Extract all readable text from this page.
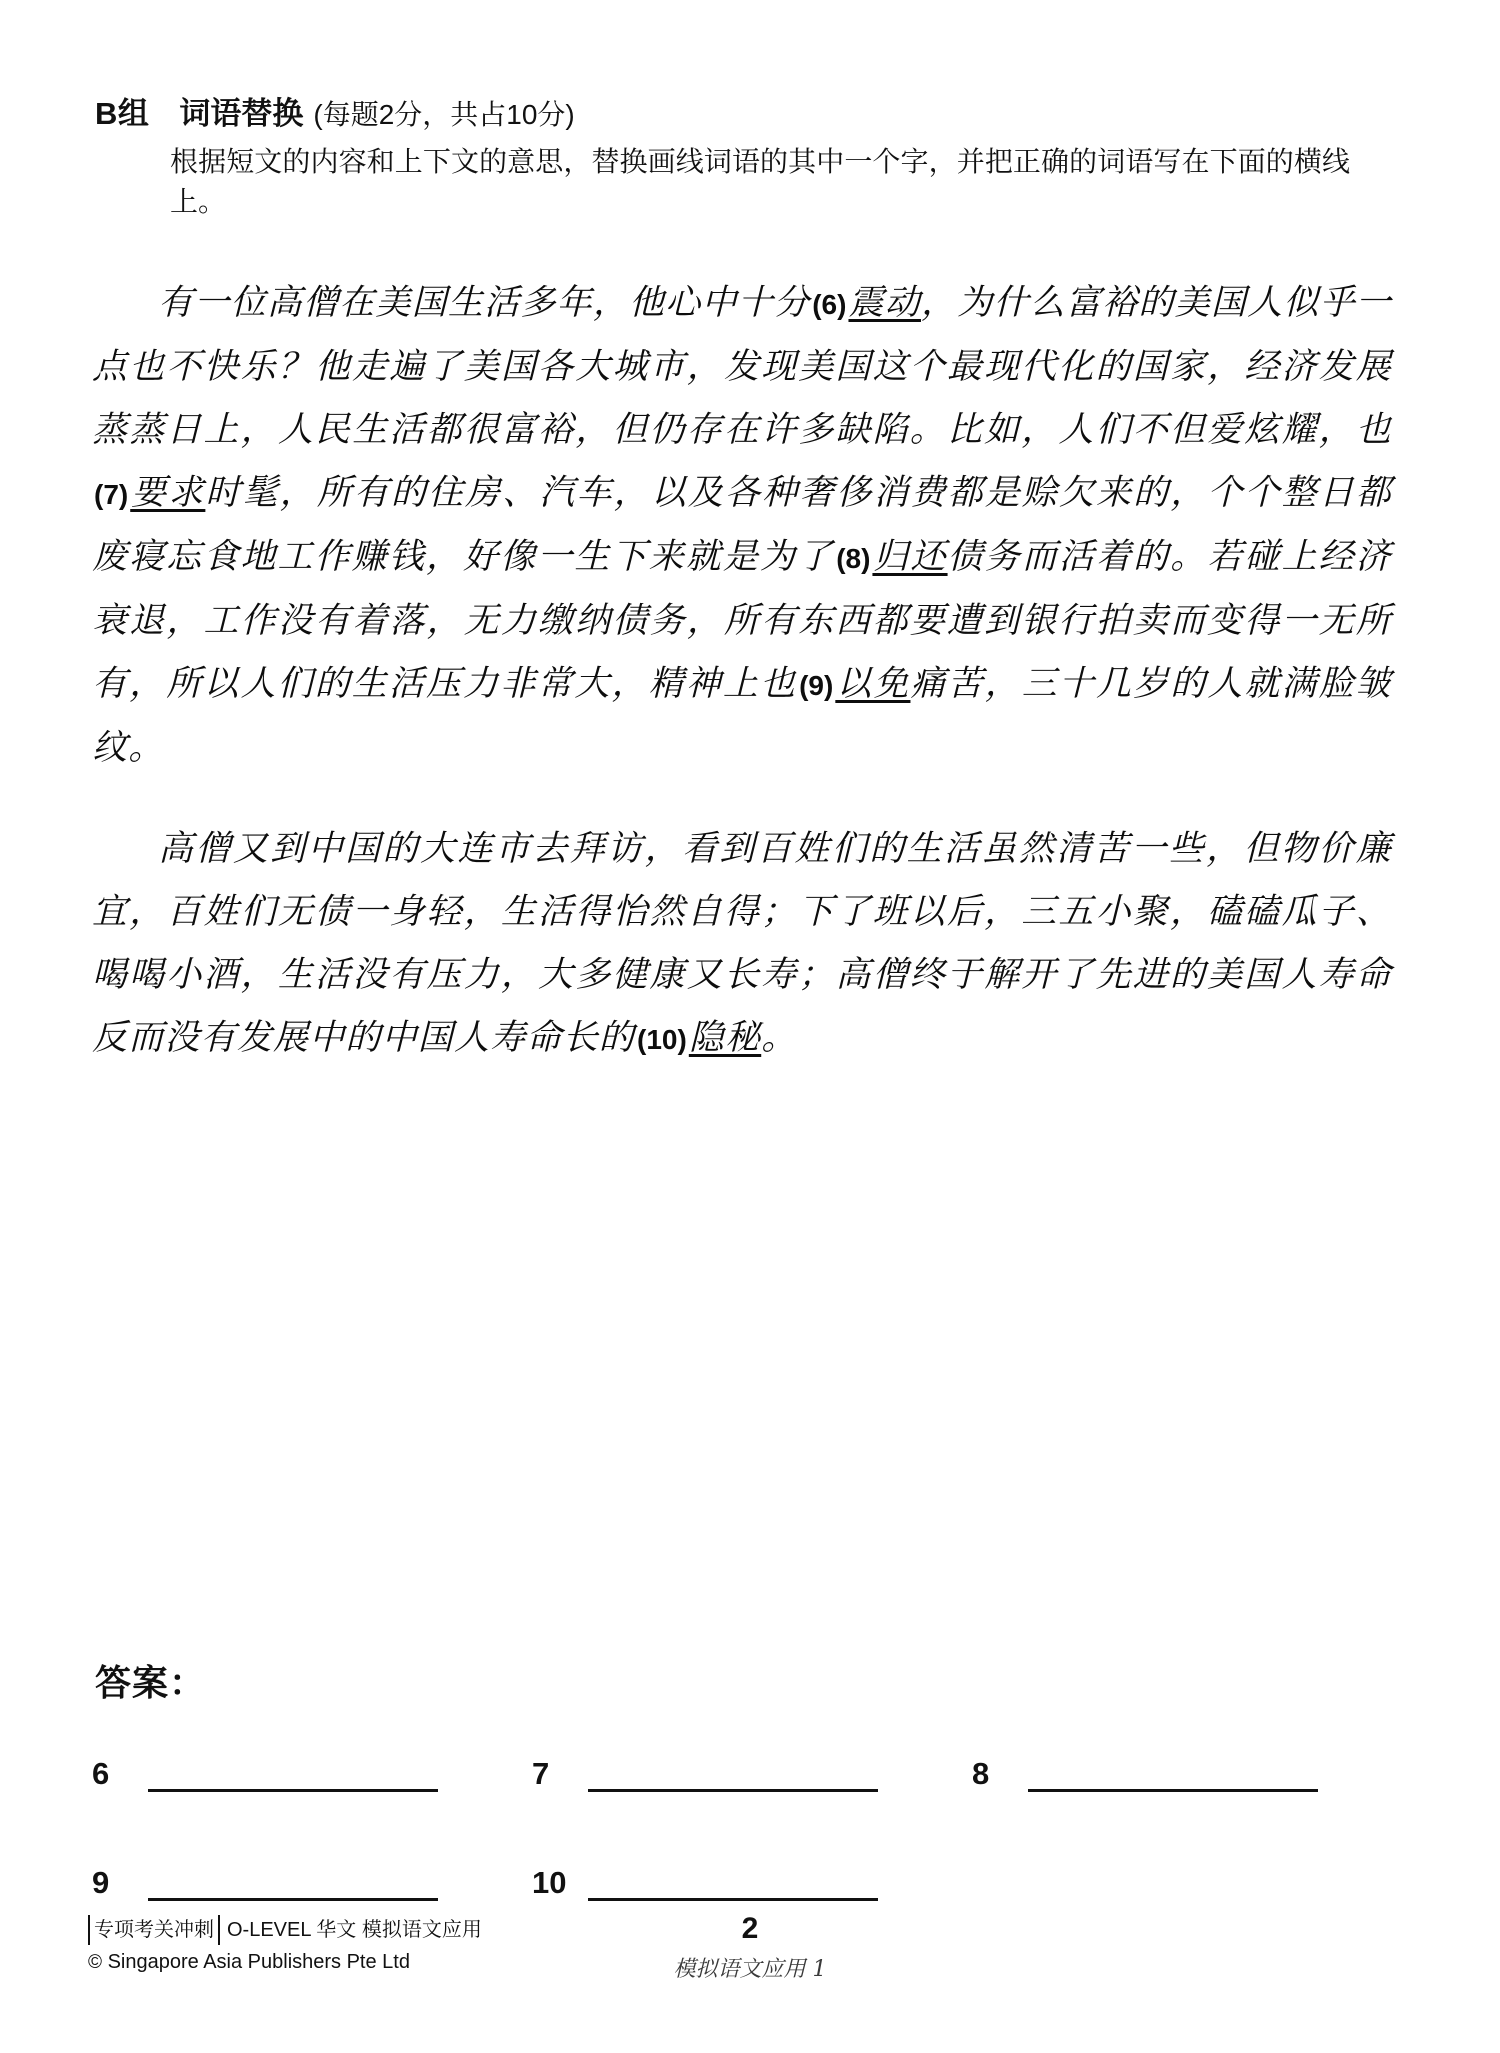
B组 词语替换 (每题2分，共占10分)
根据短文的内容和上下文的意思，替换画线词语的其中一个字，并把正确的词语写在下面的横线上。

有一位高僧在美国生活多年，他心中十分(6)震动，为什么富裕的美国人似乎一点也不快乐？他走遍了美国各大城市，发现美国这个最现代化的国家，经济发展蒸蒸日上，人民生活都很富裕，但仍存在许多缺陷。比如，人们不但爱炫耀，也(7)要求时髦，所有的住房、汽车，以及各种奢侈消费都是赊欠来的，个个整日都废寝忘食地工作赚钱，好像一生下来就是为了(8)归还债务而活着的。若碰上经济衰退，工作没有着落，无力缴纳债务，所有东西都要遭到银行拍卖而变得一无所有，所以人们的生活压力非常大，精神上也(9)以免痛苦，三十几岁的人就满脸皱纹。

高僧又到中国的大连市去拜访，看到百姓们的生活虽然清苦一些，但物价廉宜，百姓们无债一身轻，生活得怡然自得；下了班以后，三五小聚，磕磕瓜子、喝喝小酒，生活没有压力，大多健康又长寿；高僧终于解开了先进的美国人寿命反而没有发展中的中国人寿命长的(10)隐秘。

答案：
6	7	8
9	10
专项考关冲刺 O-LEVEL 华文 模拟语文应用
© Singapore Asia Publishers Pte Ltd
2
模拟语文应用 1
